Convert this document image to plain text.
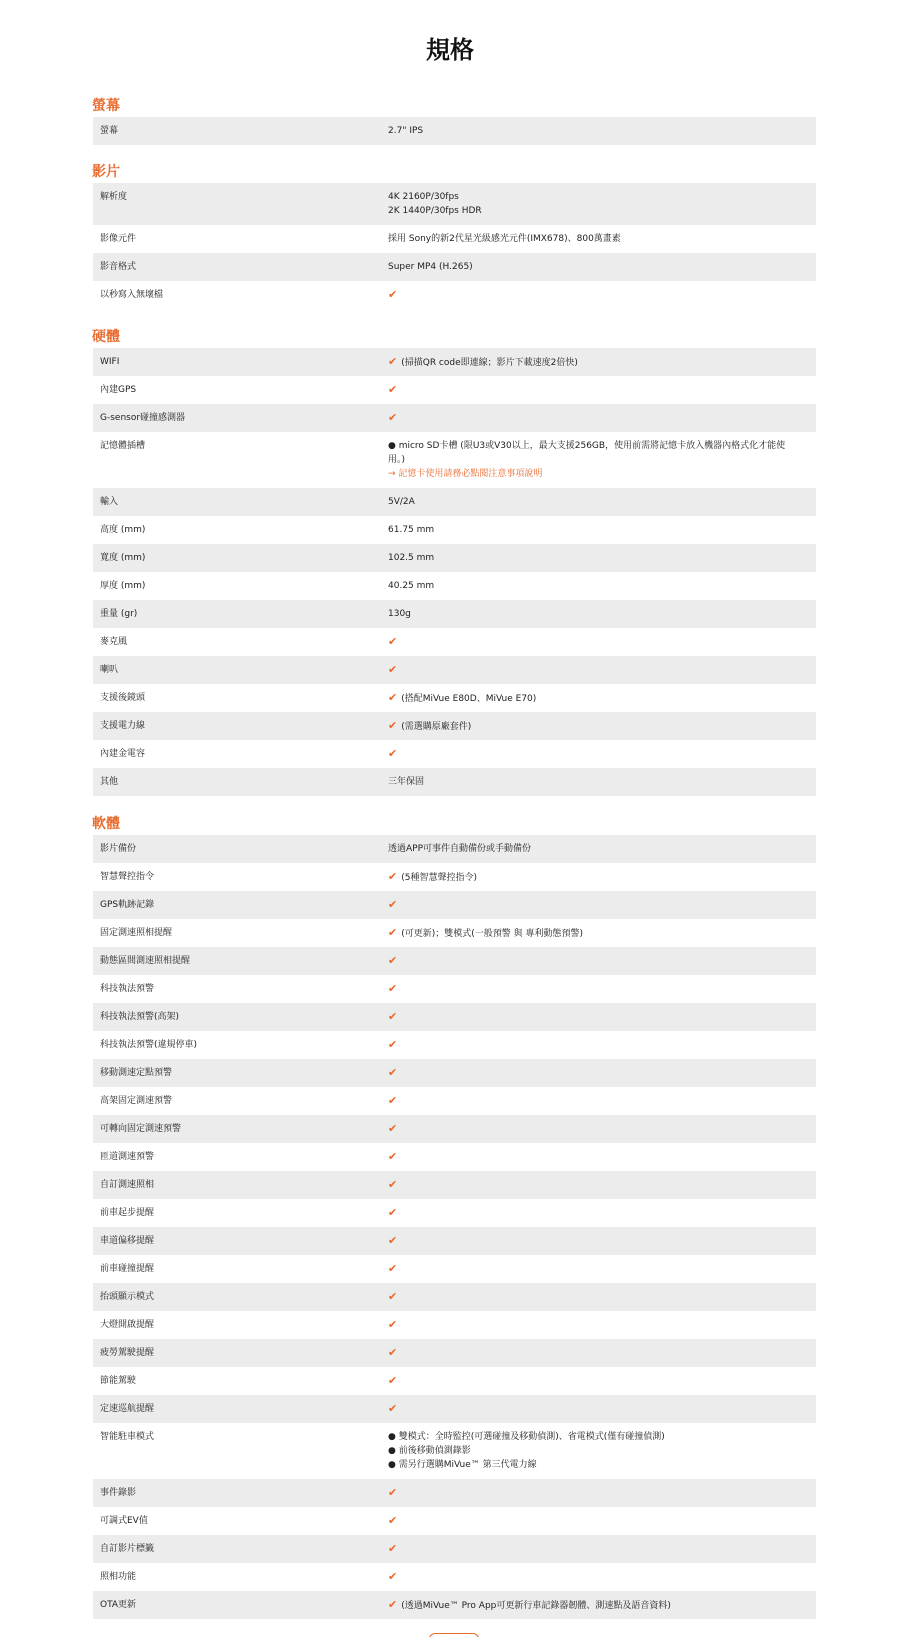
規格
螢幕
螢幕	2.7" IPS
影片
解析度	4K 2160P/30fps
2K 1440P/30fps HDR
影像元件	採用 Sony的新2代星光級感光元件(IMX678)、800萬畫素
影音格式	Super MP4 (H.265)
以秒寫入無壞檔	✔
硬體
WIFI	✔ (掃描QR code即連線；影片下載速度2倍快)
內建GPS	✔
G-sensor碰撞感測器	✔
記憶體插槽	● micro SD卡槽 (限U3或V30以上，最大支援256GB，使用前需將記憶卡放入機器內格式化才能使
用。)
→ 記憶卡使用請務必點閱注意事項說明
輸入	5V/2A
高度 (mm)	61.75 mm
寬度 (mm)	102.5 mm
厚度 (mm)	40.25 mm
重量 (gr)	130g
麥克風	✔
喇叭	✔
支援後鏡頭	✔ (搭配MiVue E80D、MiVue E70)
支援電力線	✔ (需選購原廠套件)
內建金電容	✔
其他	三年保固
軟體
影片備份	透過APP可事件自動備份或手動備份
智慧聲控指令	✔ (5種智慧聲控指令)
GPS軌跡記錄	✔
固定測速照相提醒	✔ (可更新)；雙模式(一般預警 與 專利動態預警)
動態區間測速照相提醒	✔
科技執法預警	✔
科技執法預警(高架)	✔
科技執法預警(違規停車)	✔
移動測速定點預警	✔
高架固定測速預警	✔
可轉向固定測速預警	✔
匝道測速預警	✔
自訂測速照相	✔
前車起步提醒	✔
車道偏移提醒	✔
前車碰撞提醒	✔
抬頭顯示模式	✔
大燈開啟提醒	✔
疲勞駕駛提醒	✔
節能駕駛	✔
定速巡航提醒	✔
智能駐車模式	● 雙模式：全時監控(可選碰撞及移動偵測)、省電模式(僅有碰撞偵測)
● 前後移動偵測錄影
● 需另行選購MiVue™ 第三代電力線
事件錄影	✔
可調式EV值	✔
自訂影片標籤	✔
照相功能	✔
OTA更新	✔ (透過MiVue™ Pro App可更新行車記錄器韌體、測速點及語音資料)
